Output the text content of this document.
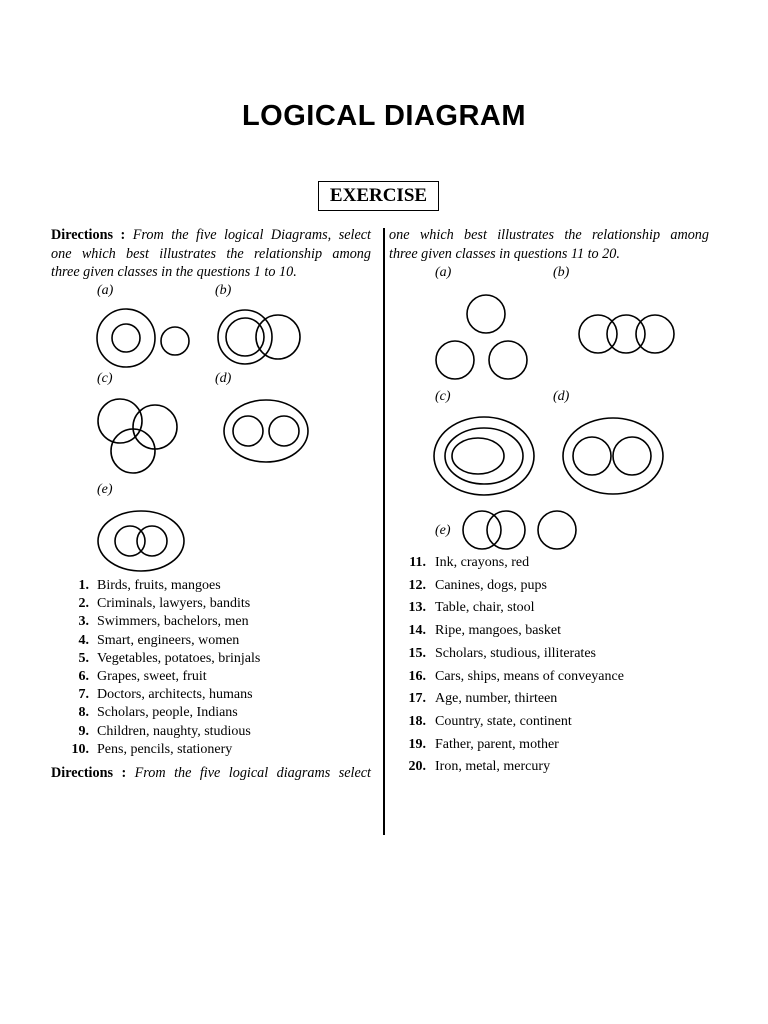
LOGICAL DIAGRAM
EXERCISE
Directions : From the five logical Diagrams, select
one which best illustrates the relationship among
three given classes in the questions 1 to 10.
(a)	(b)
(c)	(d)
(e)
1. Birds, fruits, mangoes
2. Criminals, lawyers, bandits
3. Swimmers, bachelors, men
4. Smart, engineers, women
5. Vegetables, potatoes, brinjals
6. Grapes, sweet, fruit
7. Doctors, architects, humans
8. Scholars, people, Indians
9. Children, naughty, studious
10. Pens, pencils, stationery
Directions : From the five logical diagrams select
one which best illustrates the relationship among
three given classes in questions 11 to 20.
(a)	(b)
(c)	(d)
(e)
11. Ink, crayons, red
12. Canines, dogs, pups
13. Table, chair, stool
14. Ripe, mangoes, basket
15. Scholars, studious, illiterates
16. Cars, ships, means of conveyance
17. Age, number, thirteen
18. Country, state, continent
19. Father, parent, mother
20. Iron, metal, mercury
